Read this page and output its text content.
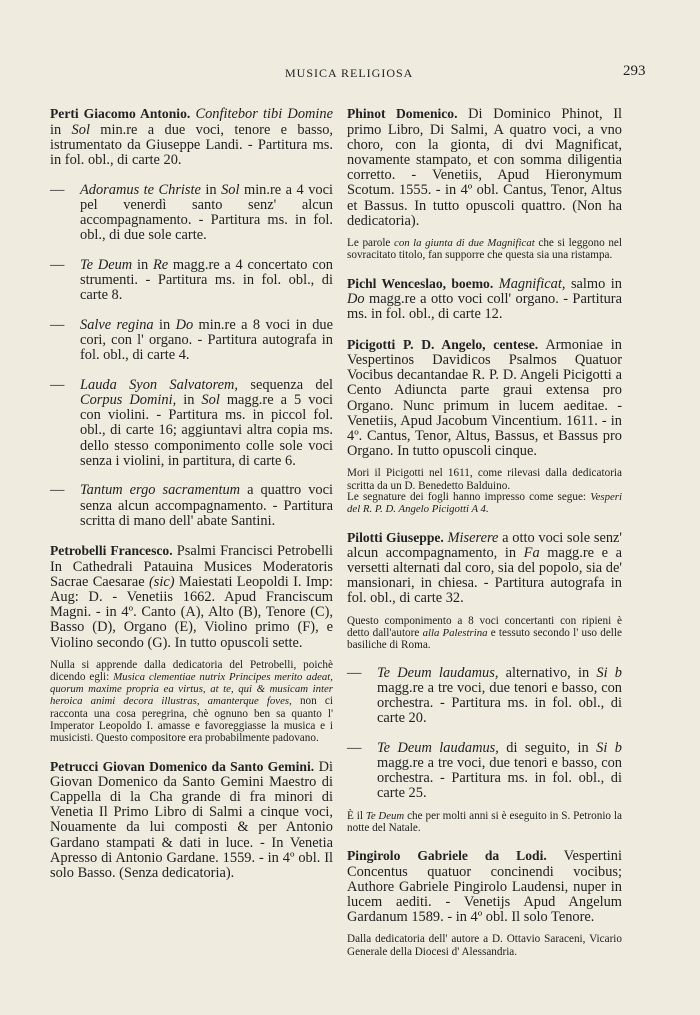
MUSICA RELIGIOSA	293

Perti Giacomo Antonio. Confitebor tibi Domine in Sol min.re a due voci, tenore e basso, istrumentato da Giuseppe Landi. - Partitura ms. in fol. obl., di carte 20.

— Adoramus te Christe in Sol min.re a 4 voci pel venerdì santo senz' alcun accompagnamento. - Partitura ms. in fol. obl., di due sole carte.

— Te Deum in Re magg.re a 4 concertato con strumenti. - Partitura ms. in fol. obl., di carte 8.

— Salve regina in Do min.re a 8 voci in due cori, con l' organo. - Partitura autografa in fol. obl., di carte 4.

— Lauda Syon Salvatorem, sequenza del Corpus Domini, in Sol magg.re a 5 voci con violini. - Partitura ms. in piccol fol. obl., di carte 16; aggiuntavi altra copia ms. dello stesso componimento colle sole voci senza i violini, in partitura, di carte 6.

— Tantum ergo sacramentum a quattro voci senza alcun accompagnamento. - Partitura scritta di mano dell' abate Santini.

Petrobelli Francesco. Psalmi Francisci Petrobelli In Cathedrali Patauina Musices Moderatoris Sacrae Caesarae (sic) Maiestati Leopoldi I. Imp: Aug: D. - Venetiis 1662. Apud Franciscum Magni. - in 4º. Canto (A), Alto (B), Tenore (C), Basso (D), Organo (E), Violino primo (F), e Violino secondo (G). In tutto opuscoli sette.

Nulla si apprende dalla dedicatoria del Petrobelli, poichè dicendo egli: Musica clementiae nutrix Principes merito adeat, quorum maxime propria ea virtus, at te, qui & musicam inter heroica animi decora illustras, amanterque foves, non ci racconta una cosa peregrina, chè ognuno ben sa quanto l' Imperator Leopoldo I. amasse e favoreggiasse la musica e i musicisti. Questo compositore era probabilmente padovano.

Petrucci Giovan Domenico da Santo Gemini. Di Giovan Domenico da Santo Gemini Maestro di Cappella di la Cha grande di fra minori di Venetia Il Primo Libro di Salmi a cinque voci, Nouamente da lui composti & per Antonio Gardano stampati & dati in luce. - In Venetia Apresso di Antonio Gardane. 1559. - in 4º obl. Il solo Basso. (Senza dedicatoria).

Phinot Domenico. Di Dominico Phinot, Il primo Libro, Di Salmi, A quatro voci, a vno choro, con la gionta, di dvi Magnificat, novamente stampato, et con somma diligentia corretto. - Venetiis, Apud Hieronymum Scotum. 1555. - in 4º obl. Cantus, Tenor, Altus et Bassus. In tutto opuscoli quattro. (Non ha dedicatoria).

Le parole con la giunta di due Magnificat che si leggono nel sovracitato titolo, fan supporre che questa sia una ristampa.

Pichl Wenceslao, boemo. Magnificat, salmo in Do magg.re a otto voci coll' organo. - Partitura ms. in fol. obl., di carte 12.

Picigotti P. D. Angelo, centese. Armoniae in Vespertinos Davidicos Psalmos Quatuor Vocibus decantandae R. P. D. Angeli Picigotti a Cento Adiuncta parte graui extensa pro Organo. Nunc primum in lucem aeditae. - Venetiis, Apud Jacobum Vincentium. 1611. - in 4º. Cantus, Tenor, Altus, Bassus, et Bassus pro Organo. In tutto opuscoli cinque.

Mori il Picigotti nel 1611, come rilevasi dalla dedicatoria scritta da un D. Benedetto Balduino.

Le segnature dei fogli hanno impresso come segue: Vesperi del R. P. D. Angelo Picigotti A 4.

Pilotti Giuseppe. Miserere a otto voci sole senz' alcun accompagnamento, in Fa magg.re e a versetti alternati dal coro, sia del popolo, sia de' mansionari, in chiesa. - Partitura autografa in fol. obl., di carte 32.

Questo componimento a 8 voci concertanti con ripieni è detto dall'autore alla Palestrina e tessuto secondo l' uso delle basiliche di Roma.

— Te Deum laudamus, alternativo, in Si b magg.re a tre voci, due tenori e basso, con orchestra. - Partitura ms. in fol. obl., di carte 20.

— Te Deum laudamus, di seguito, in Si b magg.re a tre voci, due tenori e basso, con orchestra. - Partitura ms. in fol. obl., di carte 25.

È il Te Deum che per molti anni si è eseguito in S. Petronio la notte del Natale.

Pingirolo Gabriele da Lodi. Vespertini Concentus quatuor concinendi vocibus; Authore Gabriele Pingirolo Laudensi, nuper in lucem aediti. - Venetijs Apud Angelum Gardanum 1589. - in 4º obl. Il solo Tenore.

Dalla dedicatoria dell' autore a D. Ottavio Saraceni, Vicario Generale della Diocesi d' Alessandria.
